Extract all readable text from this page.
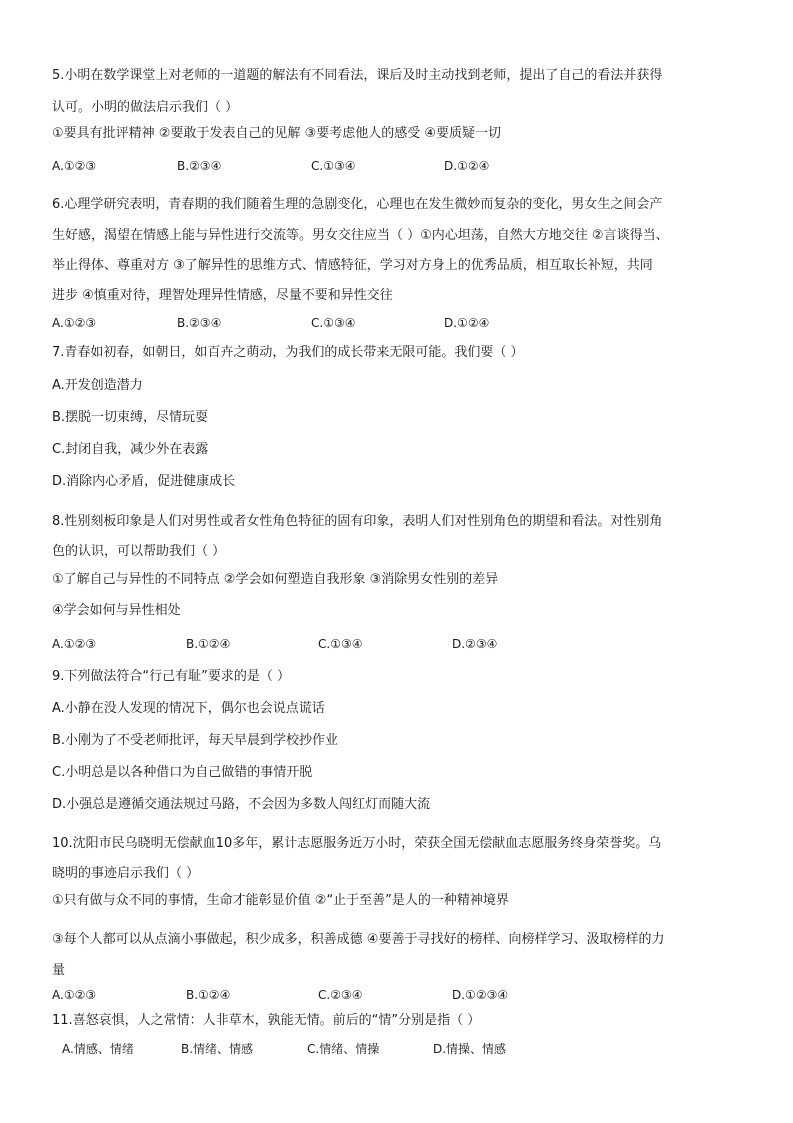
5.小明在数学课堂上对老师的一道题的解法有不同看法，课后及时主动找到老师，提出了自己的看法并获得
认可。小明的做法启示我们（ ）
①要具有批评精神 ②要敢于发表自己的见解 ③要考虑他人的感受 ④要质疑一切
A.①②③	B.②③④	C.①③④	D.①②④
6.心理学研究表明，青春期的我们随着生理的急剧变化，心理也在发生微妙而复杂的变化，男女生之间会产
生好感，渴望在情感上能与异性进行交流等。男女交往应当（ ）①内心坦荡，自然大方地交往 ②言谈得当、
举止得体、尊重对方 ③了解异性的思维方式、情感特征，学习对方身上的优秀品质，相互取长补短，共同
进步 ④慎重对待，理智处理异性情感，尽量不要和异性交往
A.①②③	B.②③④	C.①③④	D.①②④
7.青春如初春，如朝日，如百卉之萌动，为我们的成长带来无限可能。我们要（ ）
A.开发创造潜力
B.摆脱一切束缚，尽情玩耍
C.封闭自我，减少外在表露
D.消除内心矛盾，促进健康成长
8.性别刻板印象是人们对男性或者女性角色特征的固有印象，表明人们对性别角色的期望和看法。对性别角
色的认识，可以帮助我们（ ）
①了解自己与异性的不同特点 ②学会如何塑造自我形象 ③消除男女性别的差异
④学会如何与异性相处
A.①②③	B.①②④	C.①③④	D.②③④
9.下列做法符合“行己有耻”要求的是（ ）
A.小静在没人发现的情况下，偶尔也会说点谎话
B.小刚为了不受老师批评，每天早晨到学校抄作业
C.小明总是以各种借口为自己做错的事情开脱
D.小强总是遵循交通法规过马路，不会因为多数人闯红灯而随大流
10.沈阳市民乌晓明无偿献血10多年，累计志愿服务近万小时，荣获全国无偿献血志愿服务终身荣誉奖。乌
晓明的事迹启示我们（ ）
①只有做与众不同的事情，生命才能彰显价值 ②“止于至善”是人的一种精神境界
③每个人都可以从点滴小事做起，积少成多，积善成德 ④要善于寻找好的榜样、向榜样学习、汲取榜样的力
量
A.①②③	B.①②④	C.②③④	D.①②③④
11.喜怒哀惧，人之常情：人非草木，孰能无情。前后的“情”分别是指（ ）
A.情感、情绪	B.情绪、情感	C.情绪、情操	D.情操、情感
